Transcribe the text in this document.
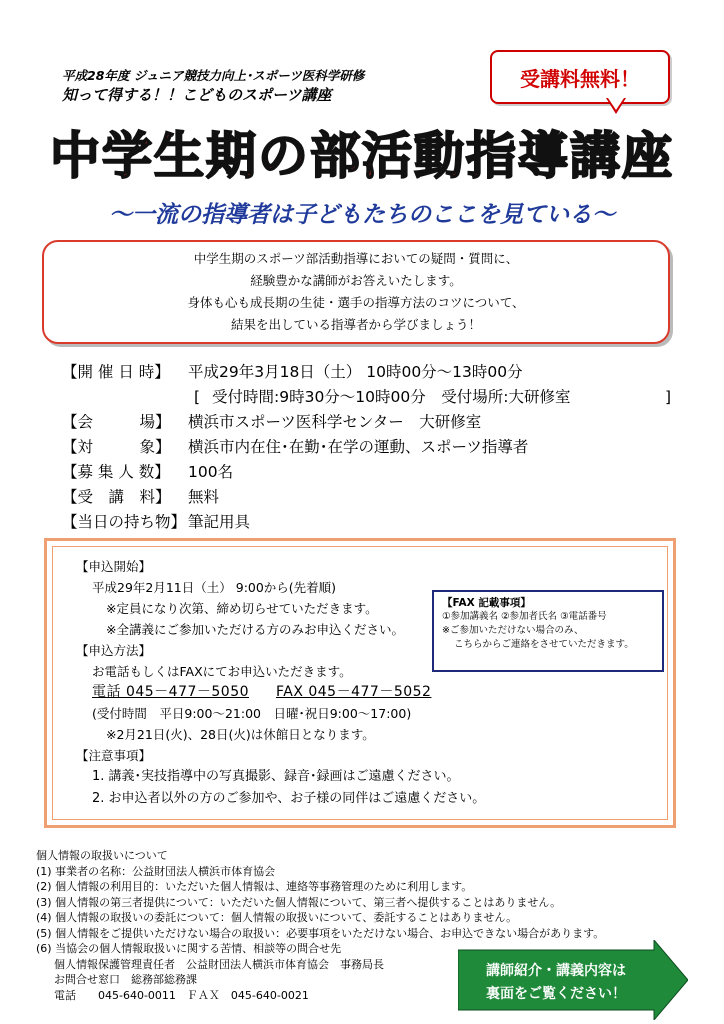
平成28年度 ジュニア競技力向上･スポーツ医科学研修
知って得する！！こどものスポーツ講座
受講料無料！
中学生期の部活動指導講座
～一流の指導者は子どもたちのここを見ている～
中学生期のスポーツ部活動指導においての疑問・質問に、
経験豊かな講師がお答えいたします。
身体も心も成長期の生徒・選手の指導方法のコツについて、
結果を出している指導者から学びましょう！
【開 催 日 時】	平成29年3月18日（土） 10時00分～13時00分
[ 受付時間:9時30分～10時00分　受付場所:大研修室	]
【会　　　場】	横浜市スポーツ医科学センター　大研修室
【対　　　象】	横浜市内在住･在勤･在学の運動、スポーツ指導者
【募 集 人 数】	100名
【受　講　料】	無料
【当日の持ち物】 筆記用具
【申込開始】
平成29年2月11日（土） 9:00から(先着順)
※定員になり次第、締め切らせていただきます。
※全講義にご参加いただける方のみお申込ください。
【申込方法】
お電話もしくはFAXにてお申込いただきます。
電話 045－477－5050 FAX 045－477－5052
(受付時間　平日9:00～21:00　日曜･祝日9:00～17:00)
※2月21日(火)、28日(火)は休館日となります。
【注意事項】
1. 講義･実技指導中の写真撮影、録音･録画はご遠慮ください。
2. お申込者以外の方のご参加や、お子様の同伴はご遠慮ください。
【FAX 記載事項】
①参加講義名 ②参加者氏名 ③電話番号
※ご参加いただけない場合のみ、
こちらからご連絡をさせていただきます。
個人情報の取扱いについて
(1) 事業者の名称：公益財団法人横浜市体育協会
(2) 個人情報の利用目的：いただいた個人情報は、連絡等事務管理のために利用します。
(3) 個人情報の第三者提供について：いただいた個人情報について、第三者へ提供することはありません。
(4) 個人情報の取扱いの委託について：個人情報の取扱いについて、委託することはありません。
(5) 個人情報をご提供いただけない場合の取扱い：必要事項をいただけない場合、お申込できない場合があります。
(6) 当協会の個人情報取扱いに関する苦情、相談等の問合せ先
個人情報保護管理責任者　公益財団法人横浜市体育協会　事務局長
お問合せ窓口　総務部総務課
電話　　045-640-0011　ＦＡＸ　045-640-0021
講師紹介・講義内容は
裏面をご覧ください！
